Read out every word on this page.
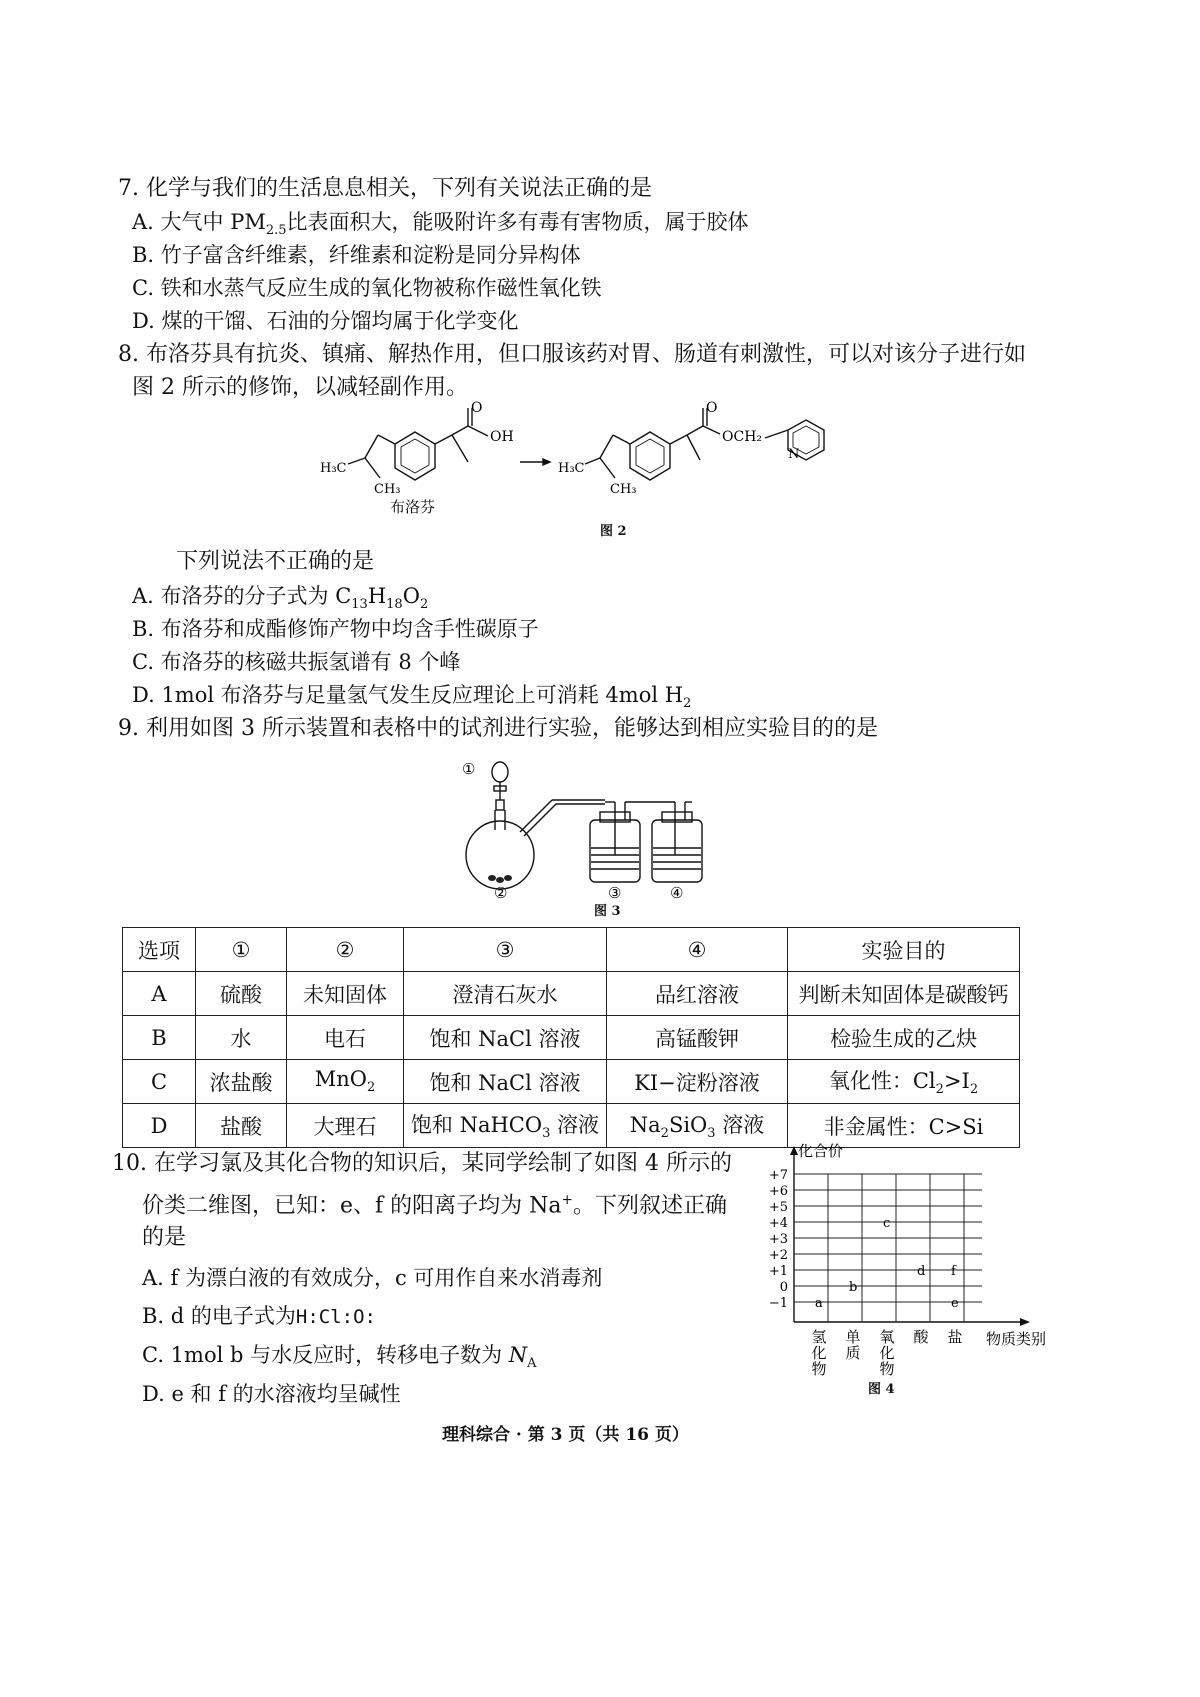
7. 化学与我们的生活息息相关，下列有关说法正确的是
A. 大气中 $PM_{2.5}$比表面积大，能吸附许多有毒有害物质，属于胶体
B. 竹子富含纤维素，纤维素和淀粉是同分异构体
C. 铁和水蒸气反应生成的氧化物被称作磁性氧化铁
D. 煤的干馏、石油的分馏均属于化学变化
8. 布洛芬具有抗炎、镇痛、解热作用，但口服该药对胃、肠道有刺激性，可以对该分子进行如
图 2 所示的修饰，以减轻副作用。
O
OH
H₃C
CH₃
布洛芬
H₃C
CH₃
O
OCH₂
N
图 2
下列说法不正确的是
A. 布洛芬的分子式为 $C_{13}H_{18}O_2$
B. 布洛芬和成酯修饰产物中均含手性碳原子
C. 布洛芬的核磁共振氢谱有 8 个峰
D. 1mol 布洛芬与足量氢气发生反应理论上可消耗 4mol $H_2$
9. 利用如图 3 所示装置和表格中的试剂进行实验，能够达到相应实验目的的是
①
②	③	④
图 3
选项	①	②	③	④	实验目的
A	硫酸	未知固体	澄清石灰水	品红溶液	判断未知固体是碳酸钙
B	水	电石	饱和 NaCl 溶液	高锰酸钾	检验生成的乙炔
C	浓盐酸	MnO$_2$	饱和 NaCl 溶液	KI−淀粉溶液	氧化性：$Cl_2>I_2$
D	盐酸	大理石	饱和 NaHCO$_3$ 溶液	$Na_2SiO_3$ 溶液	非金属性：C>Si
10. 在学习氯及其化合物的知识后，某同学绘制了如图 4 所示的
价类二维图，已知：e、f 的阳离子均为 Na+。下列叙述正确
的是
A. f 为漂白液的有效成分，c 可用作自来水消毒剂
B. d 的电子式为H:Cl:O:
C. 1mol b 与水反应时，转移电子数为 $N_A$
D. e 和 f 的水溶液均呈碱性
+7
+6
+5
+4
+3
+2
+1
0
−1
氢
化
物
单
质
氧
化
物
酸 盐
化合价
物质类别
a
b
c
d f
e
图 4
理科综合 · 第 3 页（共 16 页）
